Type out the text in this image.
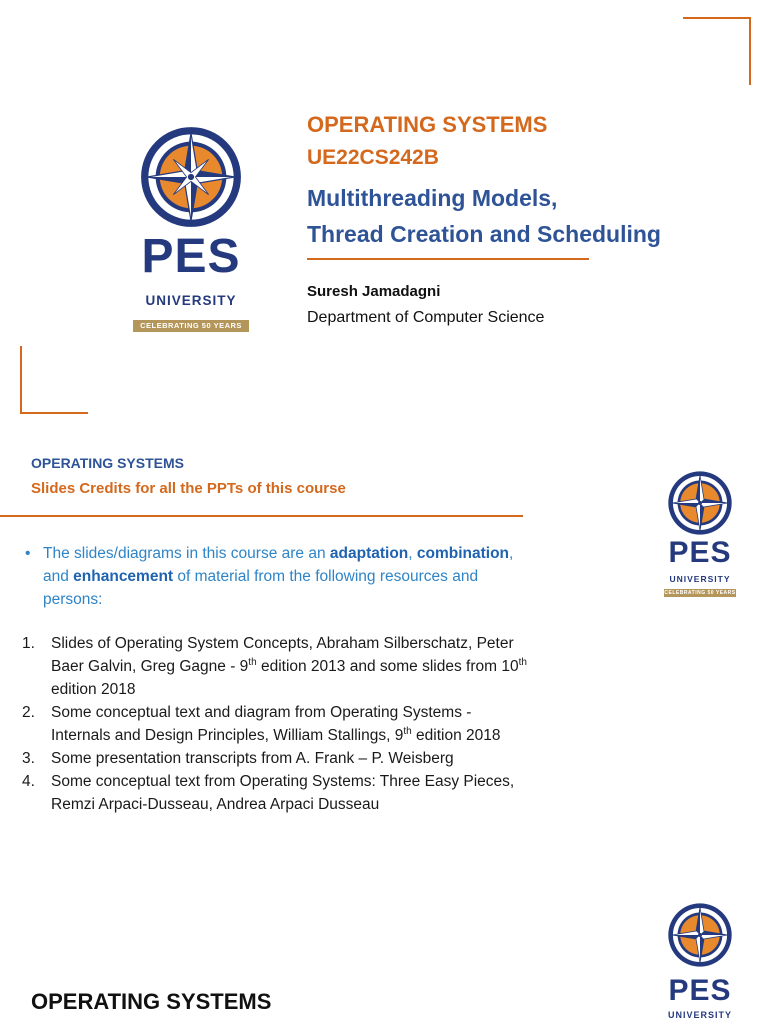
PES
UNIVERSITY
CELEBRATING 50 YEARS
OPERATING SYSTEMS
UE22CS242B
Multithreading Models,
Thread Creation and Scheduling
Suresh Jamadagni
Department of Computer Science
OPERATING SYSTEMS
Slides Credits for all the PPTs of this course
PES
UNIVERSITY
CELEBRATING 50 YEARS
• The slides/diagrams in this course are an adaptation, combination, and enhancement of material from the following resources and persons:
1. Slides of Operating System Concepts, Abraham Silberschatz, Peter Baer Galvin, Greg Gagne - 9th edition 2013 and some slides from 10th edition 2018
2. Some conceptual text and diagram from Operating Systems - Internals and Design Principles, William Stallings, 9th edition 2018
3. Some presentation transcripts from A. Frank – P. Weisberg
4. Some conceptual text from Operating Systems: Three Easy Pieces, Remzi Arpaci-Dusseau, Andrea Arpaci Dusseau
OPERATING SYSTEMS	PES
UNIVERSITY
